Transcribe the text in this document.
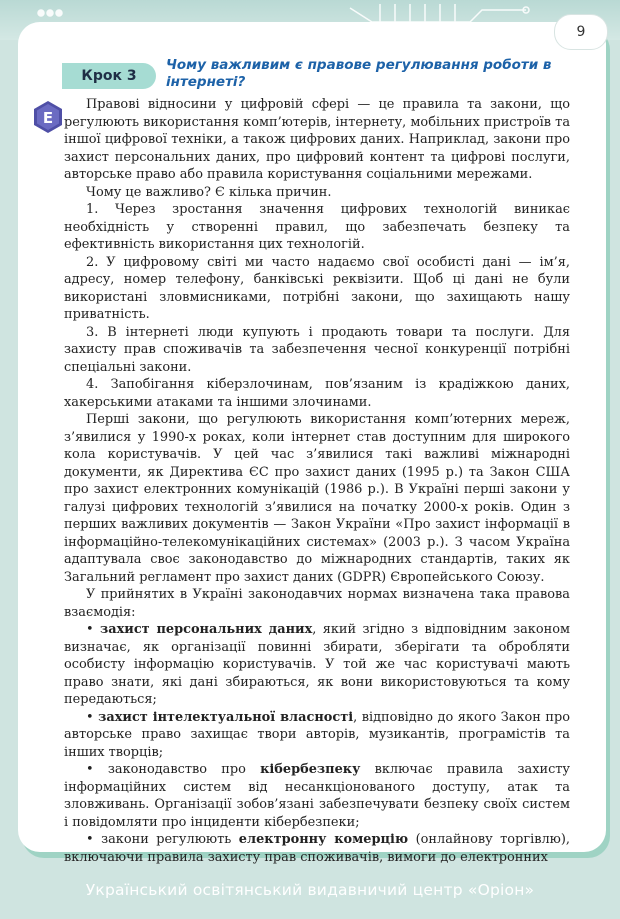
9
Крок 3
Чому важливим є правове регулювання роботи в інтернеті?
E

Правові відносини у цифровій сфері — це правила та закони, що регулюють використання комп’ютерів, інтернету, мобільних пристроїв та іншої цифрової техніки, а також цифрових даних. Наприклад, закони про захист персональних даних, про цифровий контент та цифрові послуги, авторське право або правила користування соціальними мережами.

Чому це важливо? Є кілька причин.

1. Через зростання значення цифрових технологій виникає необхідність у створенні правил, що забезпечать безпеку та ефективність використання цих технологій.

2. У цифровому світі ми часто надаємо свої особисті дані — ім’я, адресу, номер телефону, банківські реквізити. Щоб ці дані не були використані зловмисниками, потрібні закони, що захищають нашу приватність.

3. В інтернеті люди купують і продають товари та послуги. Для захисту прав споживачів та забезпечення чесної конкуренції потрібні спеціальні закони.

4. Запобігання кіберзлочинам, пов’язаним із крадіжкою даних, хакерськими атаками та іншими злочинами.

Перші закони, що регулюють використання комп’ютерних мереж, з’явилися у 1990-х роках, коли інтернет став доступним для широкого кола користувачів. У цей час з’явилися такі важливі міжнародні документи, як Директива ЄС про захист даних (1995 р.) та Закон США про захист електронних комунікацій (1986 р.). В Україні перші закони у галузі цифрових технологій з’явилися на початку 2000-х років. Один з перших важливих документів — Закон України «Про захист інформації в інформаційно-телекомунікаційних системах» (2003 р.). З часом Україна адаптувала своє законодавство до міжнародних стандартів, таких як Загальний регламент про захист даних (GDPR) Європейського Союзу.

У прийнятих в Україні законодавчих нормах визначена така правова взаємодія:

• захист персональних даних, який згідно з відповідним законом визначає, як організації повинні збирати, зберігати та обробляти особисту інформацію користувачів. У той же час користувачі мають право знати, які дані збираються, як вони використовуються та кому передаються;

• захист інтелектуальної власності, відповідно до якого Закон про авторське право захищає твори авторів, музикантів, програмістів та інших творців;

• законодавство про кібербезпеку включає правила захисту інформаційних систем від несанкціонованого доступу, атак та зловживань. Організації зобов’язані забезпечувати безпеку своїх систем і повідомляти про інциденти кібербезпеки;

• закони регулюють електронну комерцію (онлайнову торгівлю), включаючи правила захисту прав споживачів, вимоги до електронних

Український освітянський видавничий центр «Оріон»
